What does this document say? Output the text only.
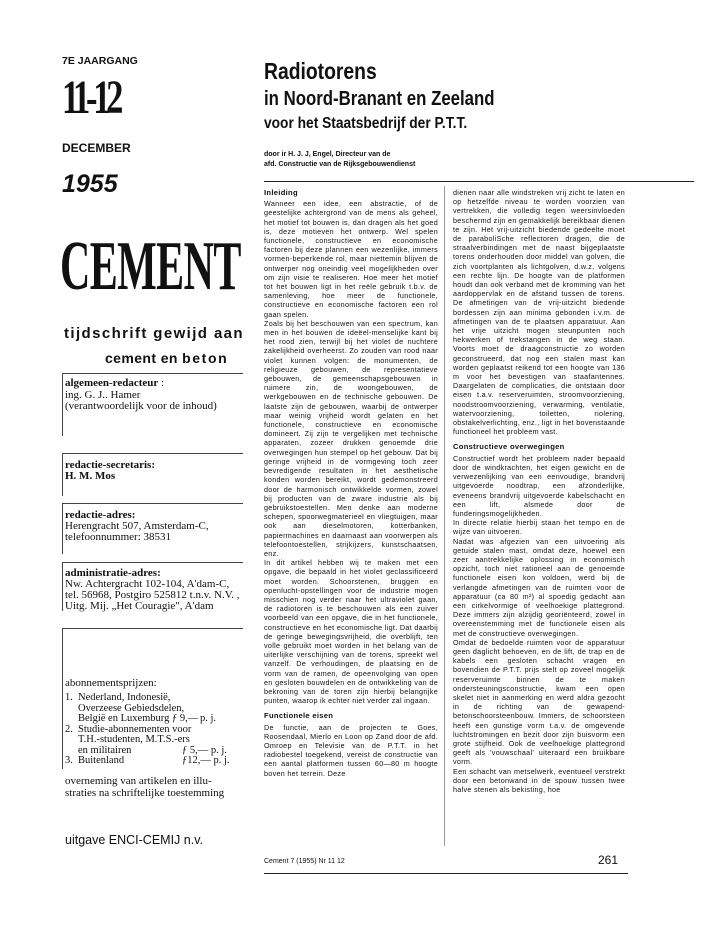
7E JAARGANG
11-12
DECEMBER
1955
CEMENT
tijdschrift gewijd aan
cement en beton
algemeen-redacteur :
ing. G. J.. Hamer
(verantwoordelijk voor de inhoud)
redactie-secretaris:
H. M. Mos
redactie-adres:
Herengracht 507, Amsterdam-C,
telefoonnummer: 38531
administratie-adres:
Nw. Achtergracht 102-104, A'dam-C,
tel. 56968, Postgiro 525812 t.n.v. N.V. ,
Uitg. Mij. „Het Couragie", A'dam
abonnementsprijzen:
1. Nederland, Indonesië,
Overzeese Gebiedsdelen,
België en Luxemburg ƒ 9,— p. j.
2. Studie-abonnementen voor
T.H.-studenten, M.T.S.-ers
en militairen	ƒ 5,— p. j.
3. Buitenland	ƒ12,— p. j.
overneming van artikelen en illu-
straties na schriftelijke toestemming
uitgave ENCI-CEMIJ n.v.
Radiotorens
in Noord-Branant en Zeeland
voor het Staatsbedrijf der P.T.T.
door ir H. J. J, Engel, Directeur van de
afd. Constructie van de Rijksgebouwendienst
Inleiding

Wanneer een idee, een abstractie, of de geestelijke achtergrond van de mens als geheel, het motief tot bouwen is, dan dragen als het goed is, deze motieven het ontwerp. Wel spelen functionele, constructieve en economische factoren bij deze plannen een wezenlijke, immers vormen-beperkende rol, maar niettemin blijven de ontwerper nog oneindig veel mogelijkheden over om zijn visie te realiseren. Hoe meer het motief tot het bouwen ligt in het reële gebruik t.b.v. de samenleving, hoe meer de functionele, constructieve en economische factoren een rol gaan spelen.

Zoals bij het beschouwen van een spectrum, kan men in het bouwen de ideëel-menselijke kant bij het rood zien, terwijl bij het violet de nuchtere zakelijkheid overheerst. Zo zouden van rood naar violet kunnen volgen: de monumenten, de religieuze gebouwen, de representatieve gebouwen, de gemeenschapsgebouwen in ruimere zin, de woongebouwen, de werkgebouwen en de technische gebouwen. De laatste zijn de gebouwen, waarbij de ontwerper maar weinig vrijheid wordt gelaten en het functionele, constructieve en economische domineert. Zij zijn te vergelijken met technische apparaten, zozeer drukken genoemde drie overwegingen hun stempel op het gebouw. Dat bij geringe vrijheid in de vormgeving toch zeer bevredigende resultaten in het aesthetische konden worden bereikt, wordt gedemonstreerd door de harmonisch ontwikkelde vormen, zowel bij producten van de zware industrie als bij gebruikstoestellen. Men denke aan moderne schepen, spoorwegmaterieel en vliegtuigen, maar ook aan dieselmotoren, kotterbanken, papiermachines en daarnaast aan voorwerpen als telefoontoestellen, strijkijzers, kunstschaatsen, enz.

In dit artikel hebben wij te maken met een opgave, die bepaald in het violet geclassificeerd moet worden. Schoorstenen, bruggen en openlucht-opstellingen voor de industrie mogen misschien nog verder naar het ultraviolet gaan, de radiotoren is te beschouwen als een zuiver voorbeeld van een opgave, die in het functionele, constructieve en het economische ligt. Dat daarbij de geringe bewegingsvrijheid, die overblijft, ten volle gebruikt moet worden in het belang van de uiterlijke verschijning van de torens, spreekt wel vanzelf. De verhoudingen, de plaatsing en de vorm van de ramen, de opeenvolging van open en gesloten bouwdelen en de ontwikkeling van de bekroning van de toren zijn hierbij belangrijke punten, waarop ik echter niet verder zal ingaan.

Functionele eisen

De functie, aan de projecten te Goes, Roosendaal, Mierlo en Loon op Zand door de afd. Omroep en Televisie van de P.T.T. in het radiobestel toegekend, vereist de constructie van een aantal platformen tussen 60—80 m hoogte boven het terrein. Deze

dienen naar alle windstreken vrij zicht te laten en op hetzelfde niveau te worden voorzien van vertrekken, die volledig tegen weersinvloeden beschermd zijn en gemakkelijk bereikbaar dienen te zijn. Het vrij-uitzicht biedende gedeelte moet de paraboliSche reflectoren dragen, die de straalverbindingen met de naast bijgeplaatste torens onderhouden door middel van golven, die zich voortplanten als lichtgolven, d.w.z. volgens een rechte lijn. De hoogte van de platformen houdt dan ook verband met de kromming van het aardoppervlak en de afstand tussen de torens. De afmetingen van de vrij-uitzicht biedende bordessen zijn aan minima gebonden i.v.m. de afmetingen van de te plaatsen apparatuur. Aan het vrije uitzicht mogen steunpunten noch hekwerken of trekstangen in de weg staan. Voorts moet de draagconstructie zo worden geconstrueerd, dat nog een stalen mast kan worden geplaatst reikend tot een hoogte van 136 m voor het bevestigen van staafantennes. Daargelaten de complicaties, die ontstaan door eisen t.a.v. reserveruimten, stroomvoorziening, noodstroomvoorziening, verwarming, ventilatie, watervoorziening, toiletten, riolering, obstakelverlichting, enz., ligt in het bovenstaande functioneel het probleem vast.

Constructieve overwegingen

Constructief wordt het probleem nader bepaald door de windkrachten, het eigen gewicht en de verwezenlijking van een eenvoudige, brandvrij uitgevoerde noodtrap, een afzonderlijke, eveneens brandvrij uitgevoerde kabelschacht en een lift, alsmede door de funderingsmogelijkheden.

In directe relatie hierbij staan het tempo en de wijze van uitvoeren.

Nadat was afgezien van een uitvoering als getuide stalen mast, omdat deze, hoewel een zeer aantrekkelijke oplossing in economisch opzicht, toch niet rationeel aan de genoemde functionele eisen kon voldoen, werd bij de verlangde afmetingen van de ruimten voor de apparatuur (ca 80 m²) al spoedig gedacht aan een cirkelvormige of veelhoekige plattegrond. Deze immers zijn alzijdig georiënteerd, zowel in overeenstemming met de functionele eisen als met de constructieve overwegingen.

Omdat de bedoelde ruimten voor de apparatuur geen daglicht behoeven, en de lift, de trap en de kabels een gesloten schacht vragen en bovendien de P.T.T. prijs stelt op zoveel mogelijk reserveruimte binnen de te maken ondersteuningsconstructie, kwam een open skelet niet in aanmerking en werd aldra gezocht in de richting van de gewapend-betonschoorsteenbouw. Immers, de schoorsteen heeft een gunstige vorm t.a.v. de omgevende luchtstromingen en bezit door zijn buisvorm een grote stijfheid. Ook de veelhoekige plattegrond geeft als 'vouwschaal' uiteraard een bruikbare vorm.

Een schacht van metselwerk, eventueel verstrekt door een betonwand in de spouw tussen twee halve stenen als bekisting, hoe

Cement 7 (1955) Nr 11 12	261
